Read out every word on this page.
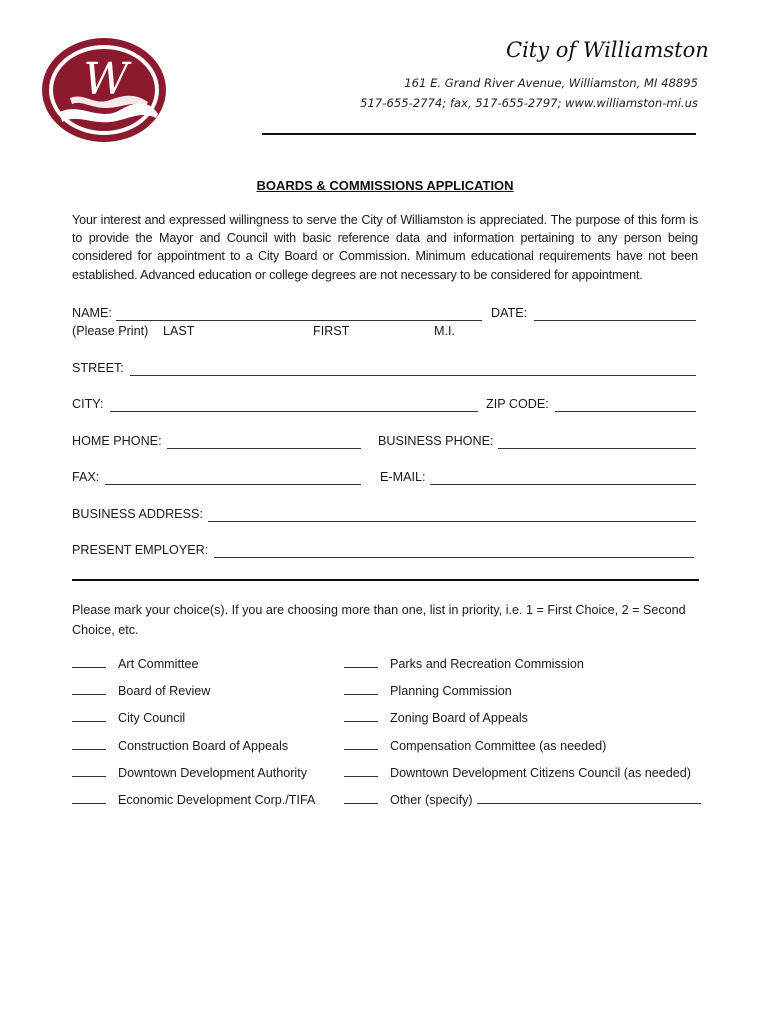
W
City of Williamston
161 E. Grand River Avenue, Williamston, MI 48895
517-655-2774; fax, 517-655-2797; www.williamston-mi.us
BOARDS & COMMISSIONS APPLICATION
Your interest and expressed willingness to serve the City of Williamston is appreciated. The purpose of this form is to provide the Mayor and Council with basic reference data and information pertaining to any person being considered for appointment to a City Board or Commission. Minimum educational requirements have not been established. Advanced education or college degrees are not necessary to be considered for appointment.
NAME:	DATE:
(Please Print) LAST	FIRST	M.I.
STREET:
CITY:	ZIP CODE:
HOME PHONE:	BUSINESS PHONE:
FAX:	E-MAIL:
BUSINESS ADDRESS:
PRESENT EMPLOYER:
Please mark your choice(s). If you are choosing more than one, list in priority, i.e. 1 = First Choice, 2 = Second Choice, etc.
Art Committee
Board of Review
City Council
Construction Board of Appeals
Downtown Development Authority
Economic Development Corp./TIFA
Parks and Recreation Commission
Planning Commission
Zoning Board of Appeals
Compensation Committee (as needed)
Downtown Development Citizens Council (as needed)
Other (specify)
